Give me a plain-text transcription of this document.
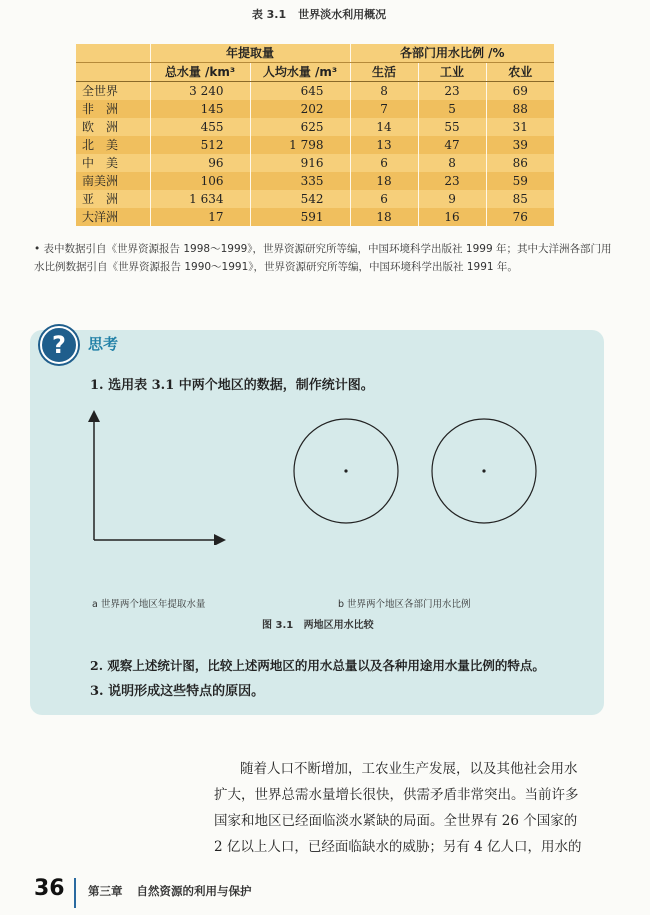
表 3.1 世界淡水利用概况
	年提取量		各部门用水比例 /%		
	总水量 /km³	人均水量 /m³	生活	工业	农业
全世界	3 240	645	8	23	69
非　洲	145	202	7	5	88
欧　洲	455	625	14	55	31
北　美	512	1 798	13	47	39
中　美	96	916	6	8	86
南美洲	106	335	18	23	59
亚　洲	1 634	542	6	9	85
大洋洲	17	591	18	16	76
• 表中数据引自《世界资源报告 1998～1999》，世界资源研究所等编，中国环境科学出版社 1999 年；其中大洋洲各部门用水比例数据引自《世界资源报告 1990～1991》，世界资源研究所等编，中国环境科学出版社 1991 年。
?	思考
1. 选用表 3.1 中两个地区的数据，制作统计图。
a 世界两个地区年提取水量	b 世界两个地区各部门用水比例
图 3.1 两地区用水比较
2. 观察上述统计图，比较上述两地区的用水总量以及各种用途用水量比例的特点。
3. 说明形成这些特点的原因。

随着人口不断增加，工农业生产发展，以及其他社会用水

扩大，世界总需水量增长很快，供需矛盾非常突出。当前许多

国家和地区已经面临淡水紧缺的局面。全世界有 26 个国家的

2 亿以上人口，已经面临缺水的威胁；另有 4 亿人口，用水的

36 第三章 自然资源的利用与保护
